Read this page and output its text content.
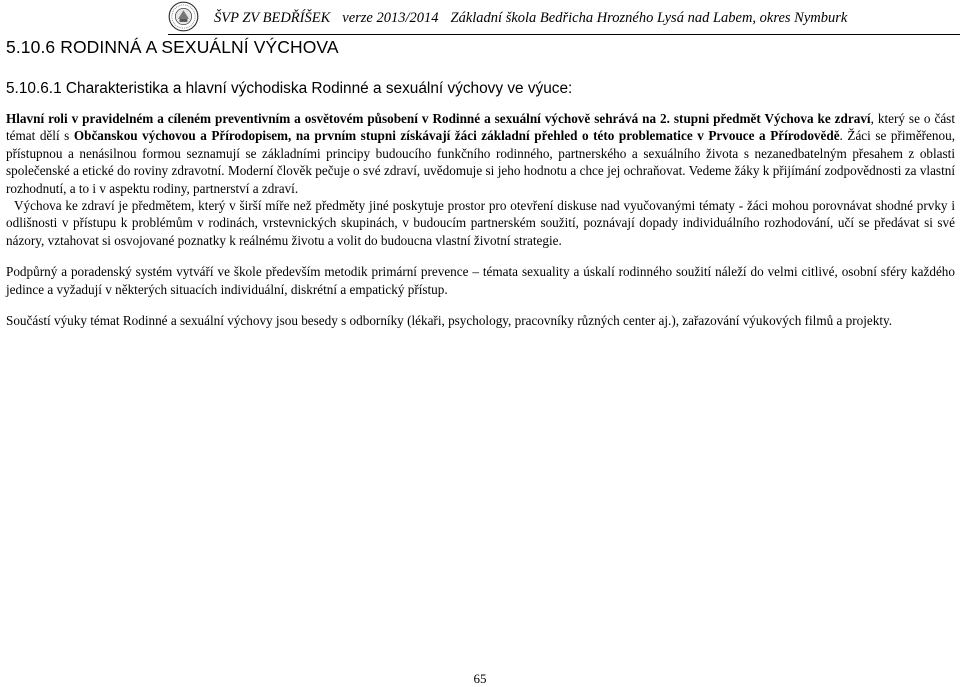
ŠVP ZV BEDŘÍŠEK verze 2013/2014 Základní škola Bedřicha Hrozného Lysá nad Labem, okres Nymburk
5.10.6 RODINNÁ A SEXUÁLNÍ VÝCHOVA
5.10.6.1 Charakteristika a hlavní východiska Rodinné a sexuální výchovy ve výuce:

Hlavní roli v pravidelném a cíleném preventivním a osvětovém působení v Rodinné a sexuální výchově sehrává na 2. stupni předmět Výchova ke zdraví, který se o část témat dělí s Občanskou výchovou a Přírodopisem, na prvním stupni získávají žáci základní přehled o této problematice v Prvouce a Přírodovědě. Žáci se přiměřenou, přístupnou a nenásilnou formou seznamují se základními principy budoucího funkčního rodinného, partnerského a sexuálního života s nezanedbatelným přesahem z oblasti společenské a etické do roviny zdravotní. Moderní člověk pečuje o své zdraví, uvědomuje si jeho hodnotu a chce jej ochraňovat. Vedeme žáky k přijímání zodpovědnosti za vlastní rozhodnutí, a to i v aspektu rodiny, partnerství a zdraví.

Výchova ke zdraví je předmětem, který v širší míře než předměty jiné poskytuje prostor pro otevření diskuse nad vyučovanými tématy - žáci mohou porovnávat shodné prvky i odlišnosti v přístupu k problémům v rodinách, vrstevnických skupinách, v budoucím partnerském soužití, poznávají dopady individuálního rozhodování, učí se předávat si své názory, vztahovat si osvojované poznatky k reálnému životu a volit do budoucna vlastní životní strategie.

Podpůrný a poradenský systém vytváří ve škole především metodik primární prevence – témata sexuality a úskalí rodinného soužití náleží do velmi citlivé, osobní sféry každého jedince a vyžadují v některých situacích individuální, diskrétní a empatický přístup.

Součástí výuky témat Rodinné a sexuální výchovy jsou besedy s odborníky (lékaři, psychology, pracovníky různých center aj.), zařazování výukových filmů a projekty.

65
